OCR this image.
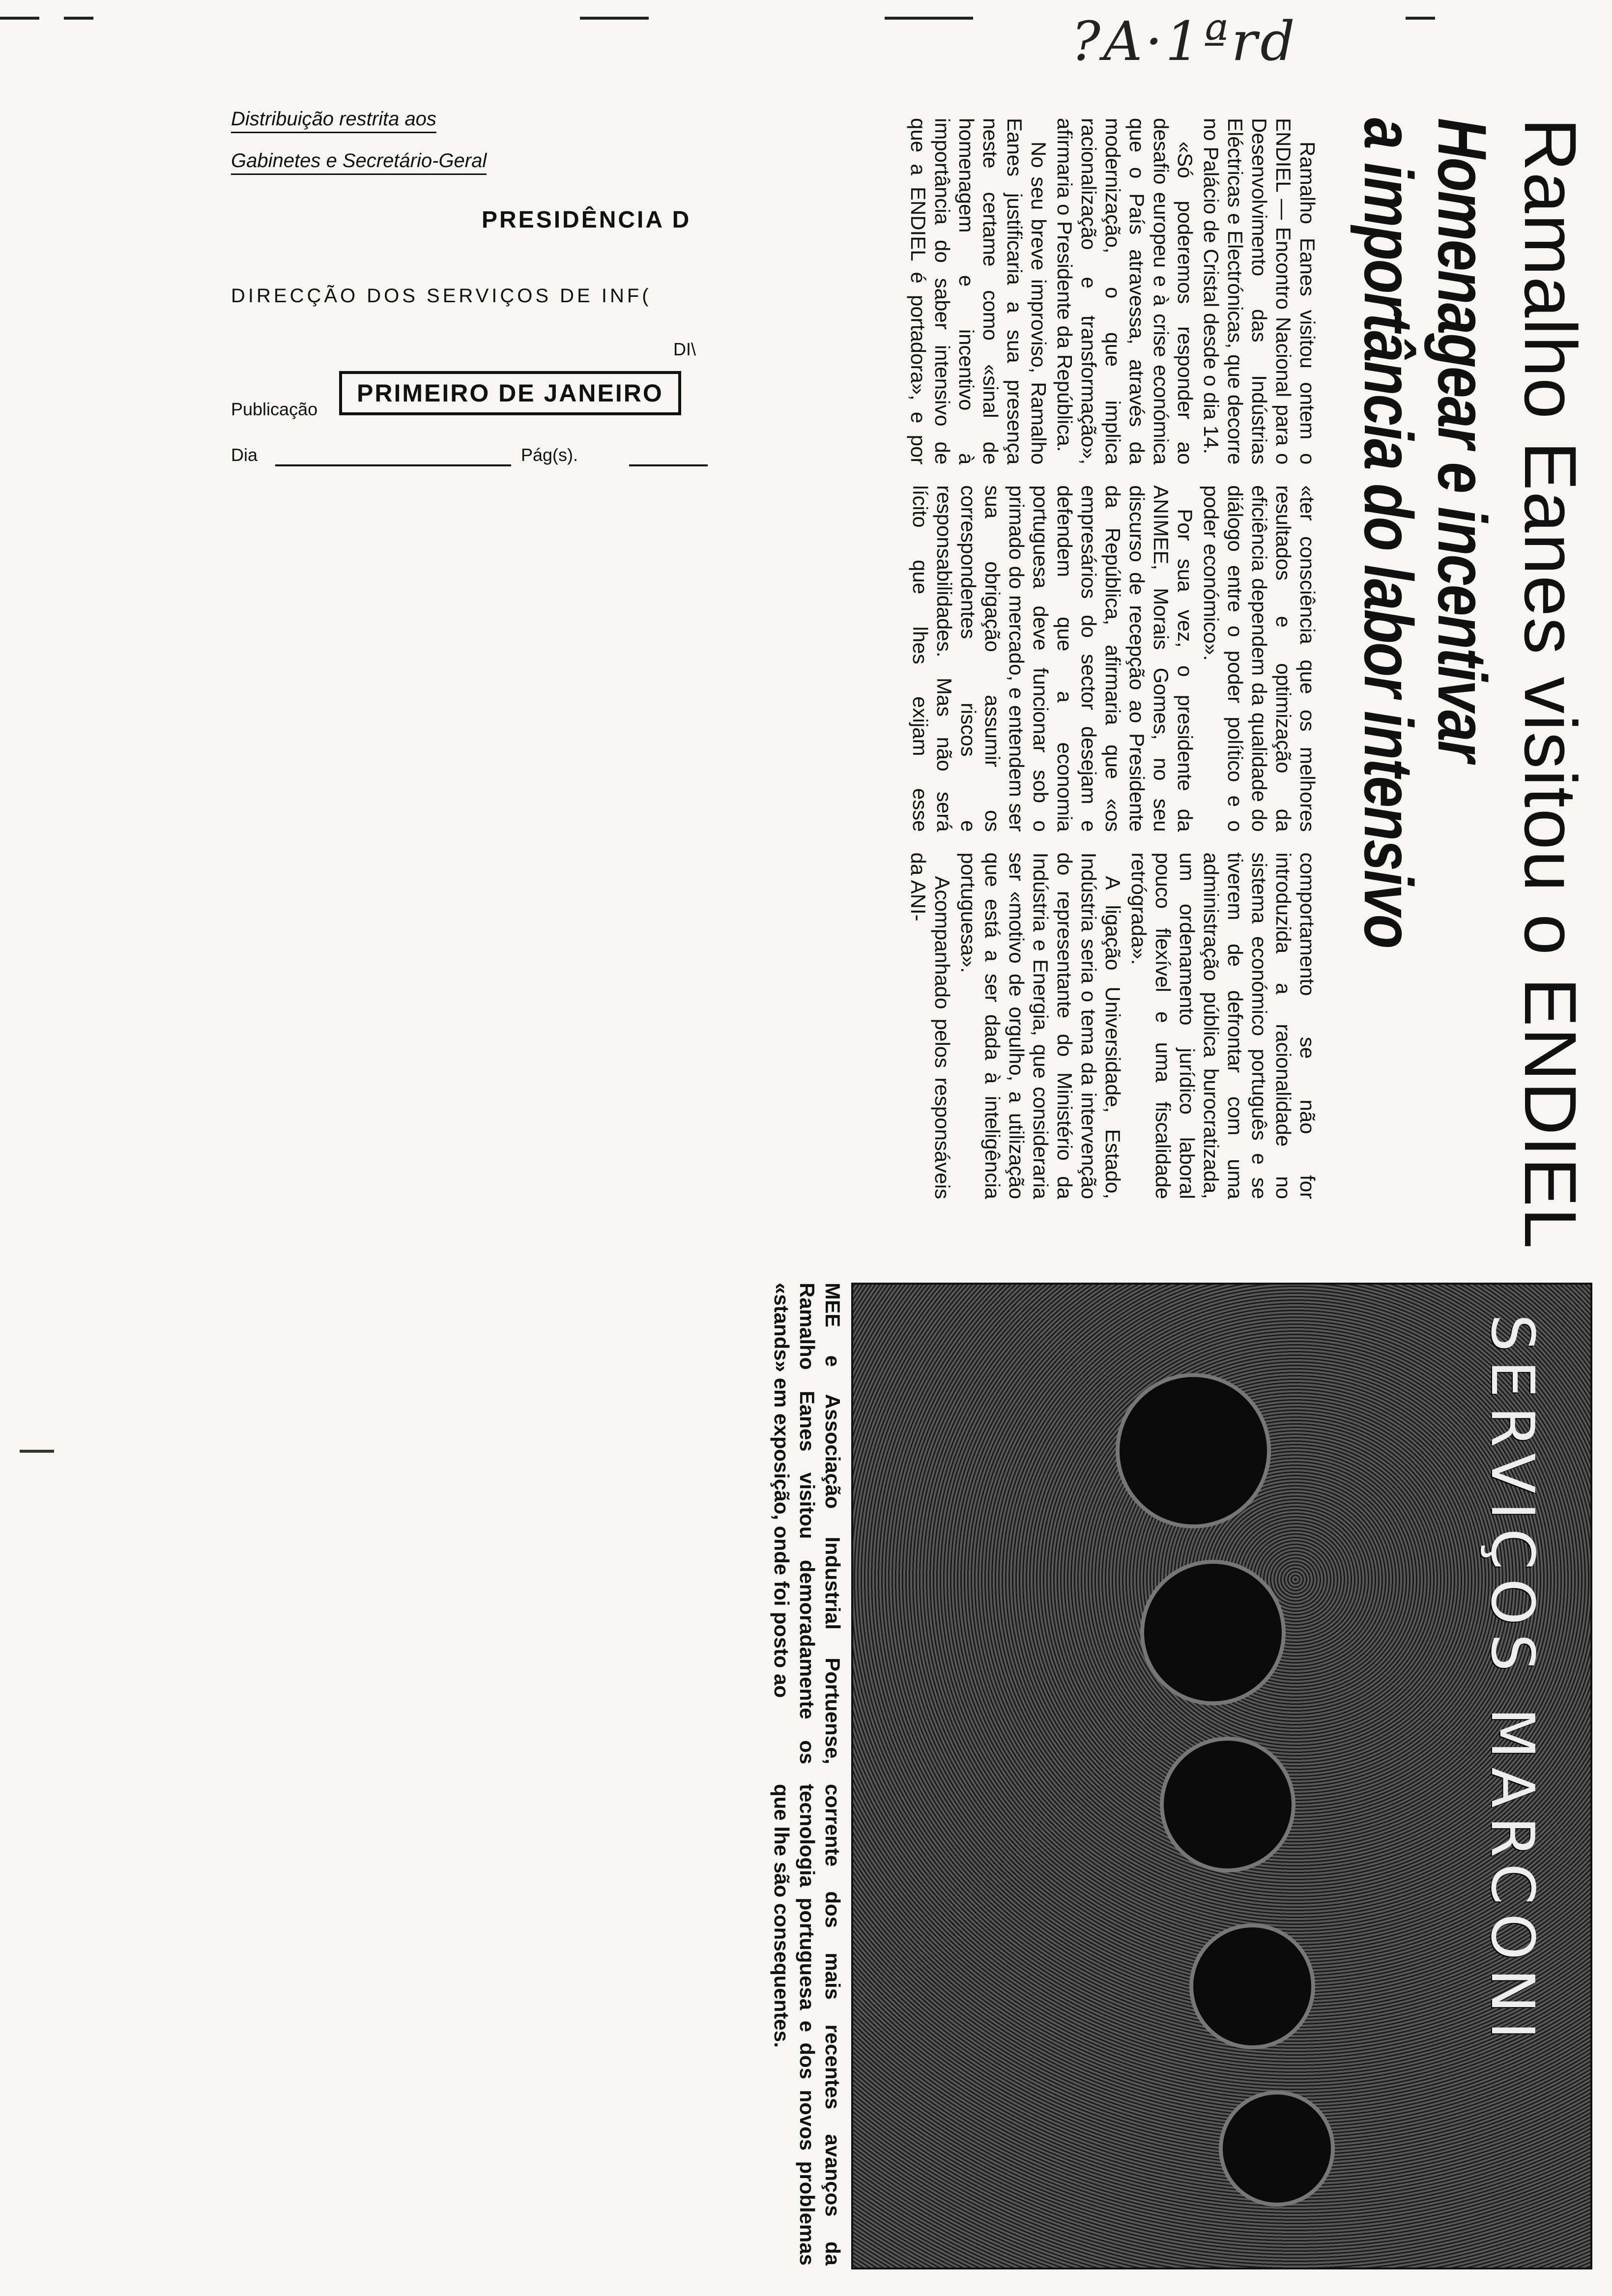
?A·1ªrd
Distribuição restrita aos
Gabinetes e Secretário-Geral
PRESIDÊNCIA D
DIRECÇÃO DOS SERVIÇOS DE INF(
DI\
Publicação
PRIMEIRO DE JANEIRO
Dia	Pág(s).	Ramalho Eanes visitou o ENDIEL
Homenagear e incentivar
a importância do labor intensivo

Ramalho Eanes visitou ontem o ENDIEL — Encontro Nacional para o Desenvolvimento das Indústrias Eléctricas e Electrónicas, que decorre no Palácio de Cristal desde o dia 14.

«Só poderemos responder ao desafio europeu e à crise económica que o País atravessa, através da modernização, o que implica racionalização e transformação», afirmaria o Presidente da República.

No seu breve improviso, Ramalho Eanes justificaria a sua presença neste certame como «sinal de homenagem e incentivo à importância do saber intensivo de que a ENDIEL é portadora», e por «ter consciência que os melhores resultados e optimização da eficiência dependem da qualidade do diálogo entre o poder político e o poder económico».

Por sua vez, o presidente da ANIMEE, Morais Gomes, no seu discurso de recepção ao Presidente da República, afirmaria que «os empresários do sector desejam e defendem que a economia portuguesa deve funcionar sob o primado do mercado, e entendem ser sua obrigação assumir os correspondentes riscos e responsabilidades. Mas não será lícito que lhes exijam esse comportamento se não for introduzida a racionalidade no sistema económico português e se tiverem de defrontar com uma administração pública burocratizada, um ordenamento jurídico laboral pouco flexível e uma fiscalidade retrógrada».

A ligação Universidade, Estado, Indústria seria o tema da intervenção do representante do Ministério da Indústria e Energia, que consideraria ser «motivo de orgulho, a utilização que está a ser dada à inteligência portuguesa».

Acompanhado pelos responsáveis da ANI-

SERVIÇOS MARCONI

MEE e Associação Industrial Portuense, Ramalho Eanes visitou demoradamente os «stands» em exposição, onde foi posto ao

corrente dos mais recentes avanços da tecnologia portuguesa e dos novos problemas que lhe são consequentes.
